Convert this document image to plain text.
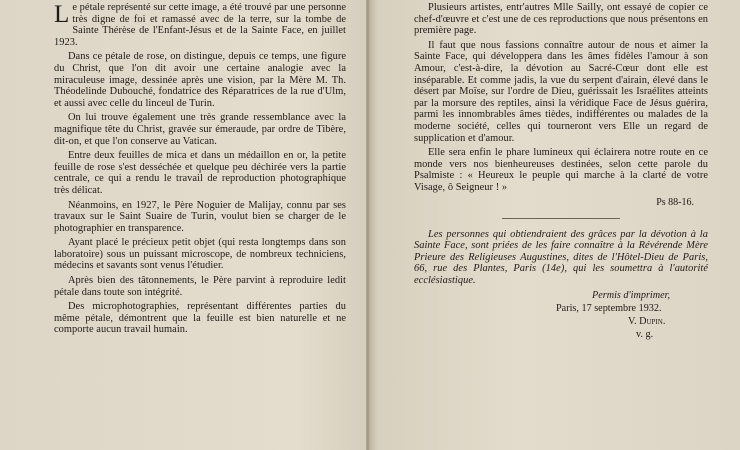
Le pétale représenté sur cette image, a été trouvé par une personne très digne de foi et ramassé avec de la terre, sur la tombe de Sainte Thérèse de l'Enfant-Jésus et de la Sainte Face, en juillet 1923.

Dans ce pétale de rose, on distingue, depuis ce temps, une figure du Christ, que l'on dit avoir une certaine analogie avec la miraculeuse image, dessinée après une vision, par la Mère M. Th. Théodelinde Dubouché, fondatrice des Réparatrices de la rue d'Ulm, et aussi avec celle du linceul de Turin.

On lui trouve également une très grande ressemblance avec la magnifique tête du Christ, gravée sur émeraude, par ordre de Tibère, dit-on, et que l'on conserve au Vatican.

Entre deux feuilles de mica et dans un médaillon en or, la petite feuille de rose s'est desséchée et quelque peu déchirée vers la partie centrale, ce qui a rendu le travail de reproduction photographique très délicat.

Néanmoins, en 1927, le Père Noguier de Malijay, connu par ses travaux sur le Saint Suaire de Turin, voulut bien se charger de le photographier en transparence.

Ayant placé le précieux petit objet (qui resta longtemps dans son laboratoire) sous un puissant microscope, de nombreux techniciens, médecins et savants sont venus l'étudier.

Après bien des tâtonnements, le Père parvint à reproduire ledit pétale dans toute son intégrité.

Des microphotographies, représentant différentes parties du même pétale, démontrent que la feuille est bien naturelle et ne comporte aucun travail humain.

Plusieurs artistes, entr'autres Mlle Sailly, ont essayé de copier ce chef-d'œuvre et c'est une de ces reproductions que nous présentons en première page.

Il faut que nous fassions connaître autour de nous et aimer la Sainte Face, qui développera dans les âmes fidèles l'amour à son Amour, c'est-à-dire, la dévotion au Sacré-Cœur dont elle est inséparable. Et comme jadis, la vue du serpent d'airain, élevé dans le désert par Moïse, sur l'ordre de Dieu, guérissait les Israélites atteints par la morsure des reptiles, ainsi la véridique Face de Jésus guérira, parmi les innombrables âmes tièdes, indifférentes ou malades de la moderne société, celles qui tourneront vers Elle un regard de supplication et d'amour.

Elle sera enfin le phare lumineux qui éclairera notre route en ce monde vers nos bienheureuses destinées, selon cette parole du Psalmiste : « Heureux le peuple qui marche à la clarté de votre Visage, ô Seigneur ! »

Ps 88-16.

Les personnes qui obtiendraient des grâces par la dévotion à la Sainte Face, sont priées de les faire connaître à la Révérende Mère Prieure des Religieuses Augustines, dites de l'Hôtel-Dieu de Paris, 66, rue des Plantes, Paris (14e), qui les soumettra à l'autorité ecclésiastique.

Permis d'imprimer,
Paris, 17 septembre 1932.
V. Dupin.
v. g.
